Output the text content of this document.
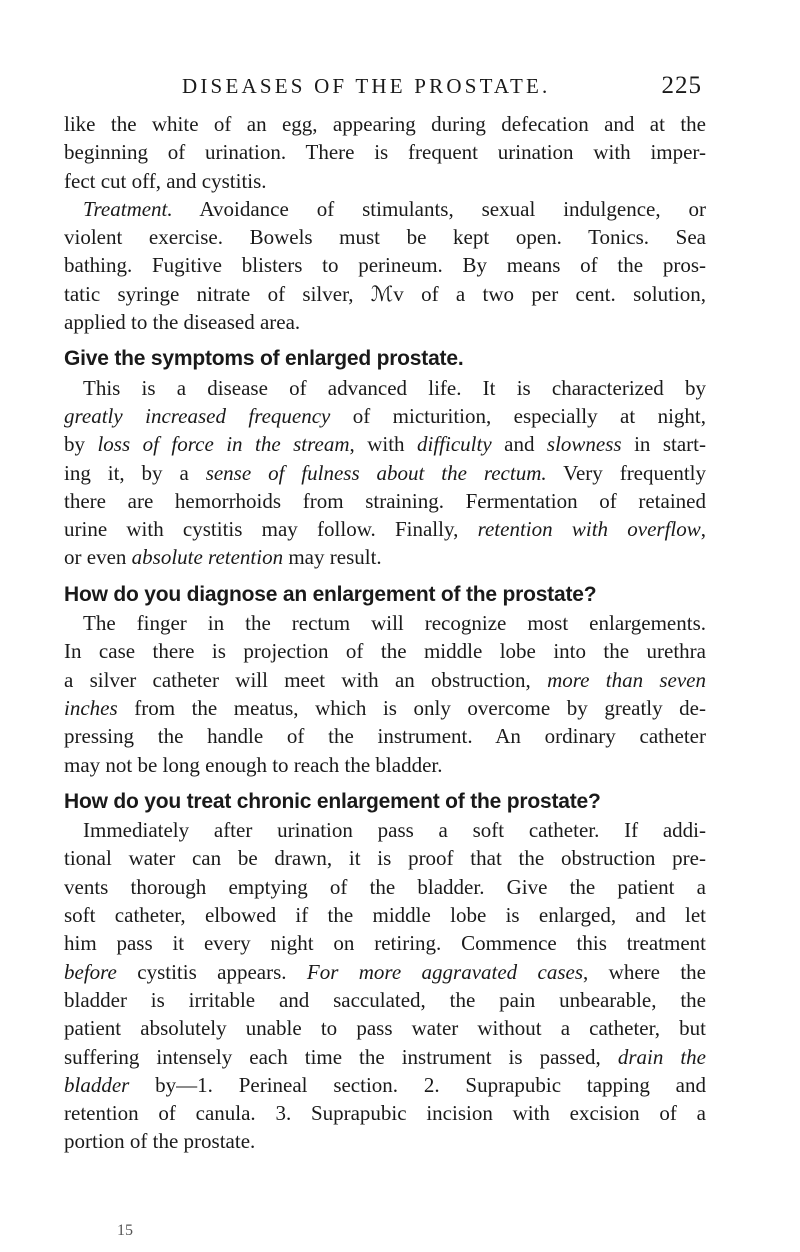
DISEASES OF THE PROSTATE.	225
like the white of an egg, appearing during defecation and at the
beginning of urination. There is frequent urination with imper-
fect cut off, and cystitis.
Treatment. Avoidance of stimulants, sexual indulgence, or
violent exercise. Bowels must be kept open. Tonics. Sea
bathing. Fugitive blisters to perineum. By means of the pros-
tatic syringe nitrate of silver, ℳv of a two per cent. solution,
applied to the diseased area.
Give the symptoms of enlarged prostate.
This is a disease of advanced life. It is characterized by
greatly increased frequency of micturition, especially at night,
by loss of force in the stream, with difficulty and slowness in start-
ing it, by a sense of fulness about the rectum. Very frequently
there are hemorrhoids from straining. Fermentation of retained
urine with cystitis may follow. Finally, retention with overflow,
or even absolute retention may result.
How do you diagnose an enlargement of the prostate?
The finger in the rectum will recognize most enlargements.
In case there is projection of the middle lobe into the urethra
a silver catheter will meet with an obstruction, more than seven
inches from the meatus, which is only overcome by greatly de-
pressing the handle of the instrument. An ordinary catheter
may not be long enough to reach the bladder.
How do you treat chronic enlargement of the prostate?
Immediately after urination pass a soft catheter. If addi-
tional water can be drawn, it is proof that the obstruction pre-
vents thorough emptying of the bladder. Give the patient a
soft catheter, elbowed if the middle lobe is enlarged, and let
him pass it every night on retiring. Commence this treatment
before cystitis appears. For more aggravated cases, where the
bladder is irritable and sacculated, the pain unbearable, the
patient absolutely unable to pass water without a catheter, but
suffering intensely each time the instrument is passed, drain the
bladder by—1. Perineal section. 2. Suprapubic tapping and
retention of canula. 3. Suprapubic incision with excision of a
portion of the prostate.
15
